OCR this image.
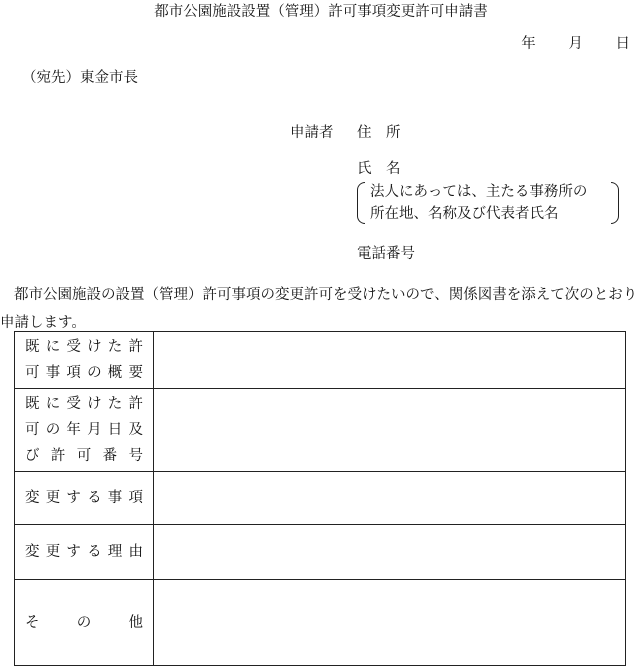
都市公園施設設置（管理）許可事項変更許可申請書
年 月 日
（宛先）東金市長
申請者 住　所
氏　名
法人にあっては、主たる事務所の
所在地、名称及び代表者氏名
電話番号
都市公園施設の設置（管理）許可事項の変更許可を受けたいので、関係図書を添えて次のとおり申請します。
既に受けた許
可事項の概要	

既に受けた許
可の年月日及
び許可番号	

変更する事項	

変更する理由	

その他	
